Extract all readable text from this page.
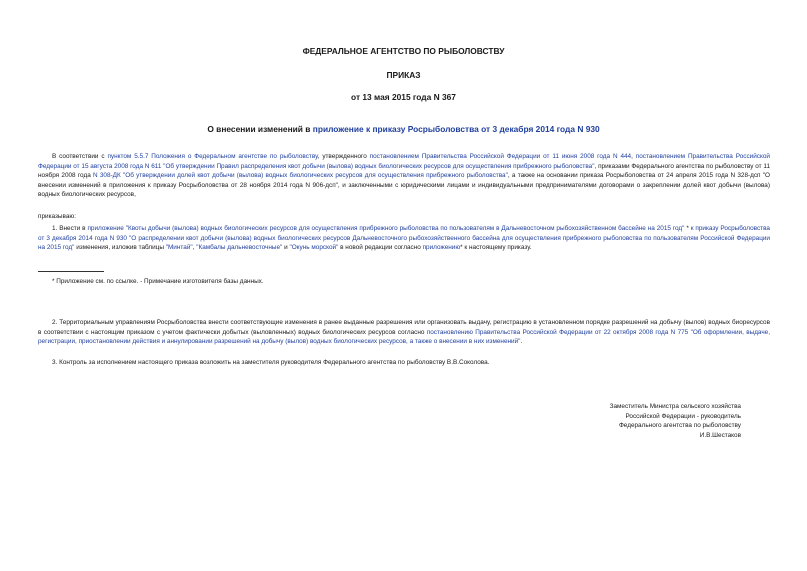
ФЕДЕРАЛЬНОЕ АГЕНТСТВО ПО РЫБОЛОВСТВУ
ПРИКАЗ
от 13 мая 2015 года N 367
О внесении изменений в приложение к приказу Росрыболовства от 3 декабря 2014 года N 930
В соответствии с пунктом 5.5.7 Положения о Федеральном агентстве по рыболовству, утвержденного постановлением Правительства Российской Федерации от 11 июня 2008 года N 444, постановлением Правительства Российской Федерации от 15 августа 2008 года N 611 "Об утверждении Правил распределения квот добычи (вылова) водных биологических ресурсов для осуществления прибрежного рыболовства", приказами Федерального агентства по рыболовству от 11 ноября 2008 года N 308-ДК "Об утверждении долей квот добычи (вылова) водных биологических ресурсов для осуществления прибрежного рыболовства", а также на основании приказа Росрыболовства от 24 апреля 2015 года N 328-дсп "О внесении изменений в приложения к приказу Росрыболовства от 28 ноября 2014 года N 906-дсп", и заключенными с юридическими лицами и индивидуальными предпринимателями договорами о закреплении долей квот добычи (вылова) водных биологических ресурсов,
приказываю:
1. Внести в приложение "Квоты добычи (вылова) водных биологических ресурсов для осуществления прибрежного рыболовства по пользователям в Дальневосточном рыбохозяйственном бассейне на 2015 год" * к приказу Росрыболовства от 3 декабря 2014 года N 930 "О распределении квот добычи (вылова) водных биологических ресурсов Дальневосточного рыбохозяйственного бассейна для осуществления прибрежного рыболовства по пользователям Российской Федерации на 2015 год" изменения, изложив таблицы "Минтай", "Камбалы дальневосточные" и "Окунь морской" в новой редакции согласно приложению* к настоящему приказу.
* Приложение см. по ссылке. - Примечание изготовителя базы данных.
2. Территориальным управлениям Росрыболовства внести соответствующие изменения в ранее выданные разрешения или организовать выдачу, регистрацию в установленном порядке разрешений на добычу (вылов) водных биоресурсов в соответствии с настоящим приказом с учетом фактически добытых (выловленных) водных биологических ресурсов согласно постановлению Правительства Российской Федерации от 22 октября 2008 года N 775 "Об оформлении, выдаче, регистрации, приостановлении действия и аннулировании разрешений на добычу (вылов) водных биологических ресурсов, а также о внесении в них изменений".
3. Контроль за исполнением настоящего приказа возложить на заместителя руководителя Федерального агентства по рыболовству В.В.Соколова.
Заместитель Министра сельского хозяйства
Российской Федерации - руководитель
Федерального агентства по рыболовству
И.В.Шестаков
